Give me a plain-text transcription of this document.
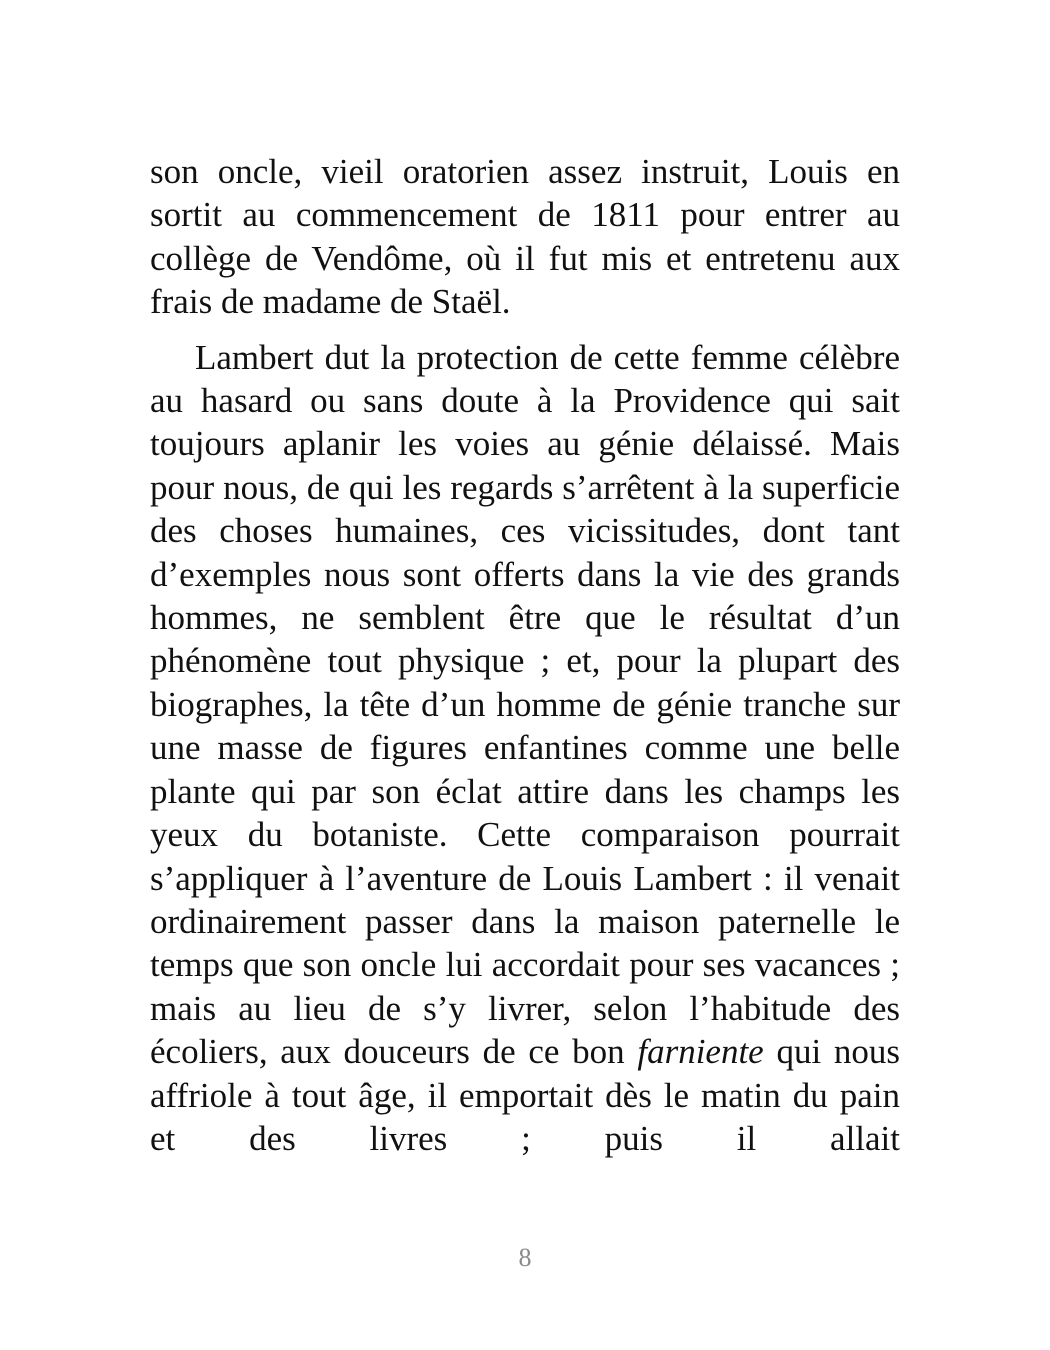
son oncle, vieil oratorien assez instruit, Louis en sortit au commencement de 1811 pour entrer au collège de Vendôme, où il fut mis et entretenu aux frais de madame de Staël.

Lambert dut la protection de cette femme célèbre au hasard ou sans doute à la Providence qui sait toujours aplanir les voies au génie délaissé. Mais pour nous, de qui les regards s’arrêtent à la superficie des choses humaines, ces vicissitudes, dont tant d’exemples nous sont offerts dans la vie des grands hommes, ne semblent être que le résultat d’un phénomène tout physique ; et, pour la plupart des biographes, la tête d’un homme de génie tranche sur une masse de figures enfantines comme une belle plante qui par son éclat attire dans les champs les yeux du botaniste. Cette comparaison pourrait s’appliquer à l’aventure de Louis Lambert : il venait ordinairement passer dans la maison paternelle le temps que son oncle lui accordait pour ses vacances ; mais au lieu de s’y livrer, selon l’habitude des écoliers, aux douceurs de ce bon farniente qui nous affriole à tout âge, il emportait dès le matin du pain et des livres ; puis il allait

8
